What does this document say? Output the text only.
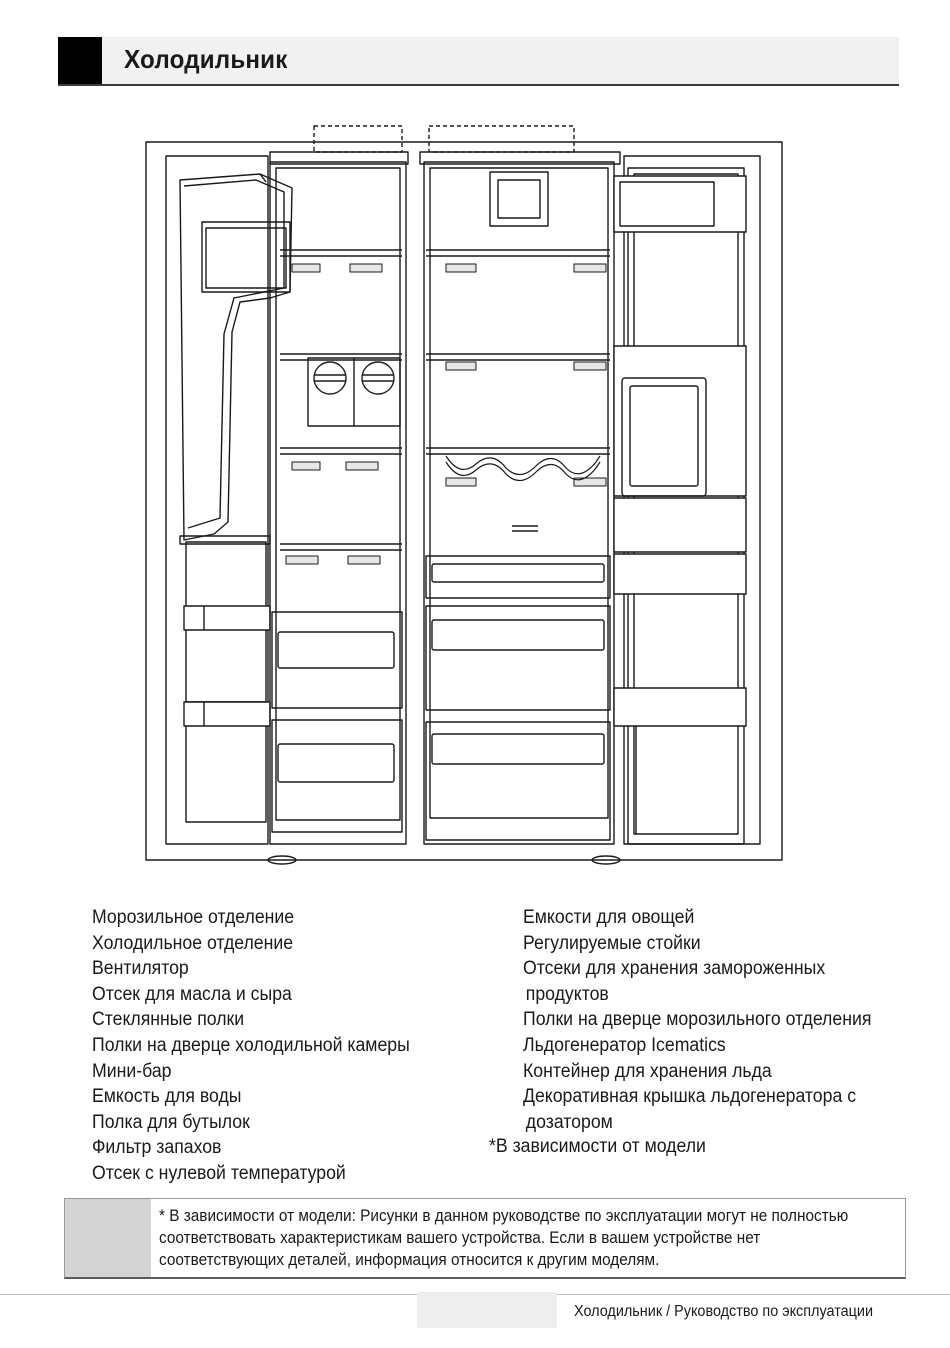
Холодильник
Морозильное отделение
Холодильное отделение
Вентилятор
Отсек для масла и сыра
Стеклянные полки
Полки на дверце холодильной камеры
Мини-бар
Емкость для воды
Полка для бутылок
Фильтр запахов
Отсек с нулевой температурой
Емкости для овощей
Регулируемые стойки
Отсеки для хранения замороженных
продуктов
Полки на дверце морозильного отделения
Льдогенератор Icematics
Контейнер для хранения льда
Декоративная крышка льдогенератора с
дозатором
*В зависимости от модели
* В зависимости от модели: Рисунки в данном руководстве по эксплуатации могут не полностью соответствовать характеристикам вашего устройства. Если в вашем устройстве нет соответствующих деталей, информация относится к другим моделям.
Холодильник / Руководство по эксплуатации
